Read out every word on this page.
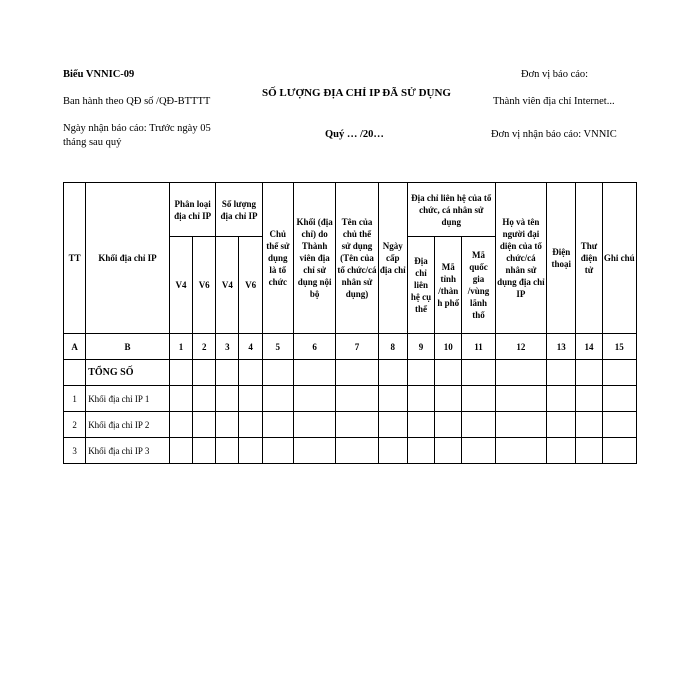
Biểu VNNIC-09
Ban hành theo QĐ số /QĐ-BTTTT
Ngày nhận báo cáo: Trước ngày 05 tháng sau quý
SỐ LƯỢNG ĐỊA CHỈ IP ĐÃ SỬ DỤNG
Quý … /20…
Đơn vị báo cáo:
Thành viên địa chỉ Internet...
Đơn vị nhận báo cáo: VNNIC
TT	Khối địa chỉ IP	Phân loại địa chỉ IP		Số lượng địa chỉ IP		Chủ thể sử dụng là tổ chức	Khối (địa chỉ) do Thành viên địa chỉ sử dụng nội bộ	Tên của chủ thể sử dụng (Tên của tổ chức/cá nhân sử dụng)	Ngày cấp địa chỉ	Địa chỉ liên hệ của tổ chức, cá nhân sử dụng			Họ và tên người đại diện của tổ chức/cá nhân sử dụng địa chỉ IP	Điện thoại	Thư điện tử	Ghi chú

		V4	V6	V4	V6					Địa chỉ liên hệ cụ thể	Mã tỉnh /thành phố	Mã quốc gia /vùng lãnh thổ				

A	B	1	2	3	4	5	6	7	8	9	10	11	12	13	14	15
	TỔNG SỐ															
1	Khối địa chỉ IP 1															
2	Khối địa chỉ IP 2															
3	Khối địa chỉ IP 3															
